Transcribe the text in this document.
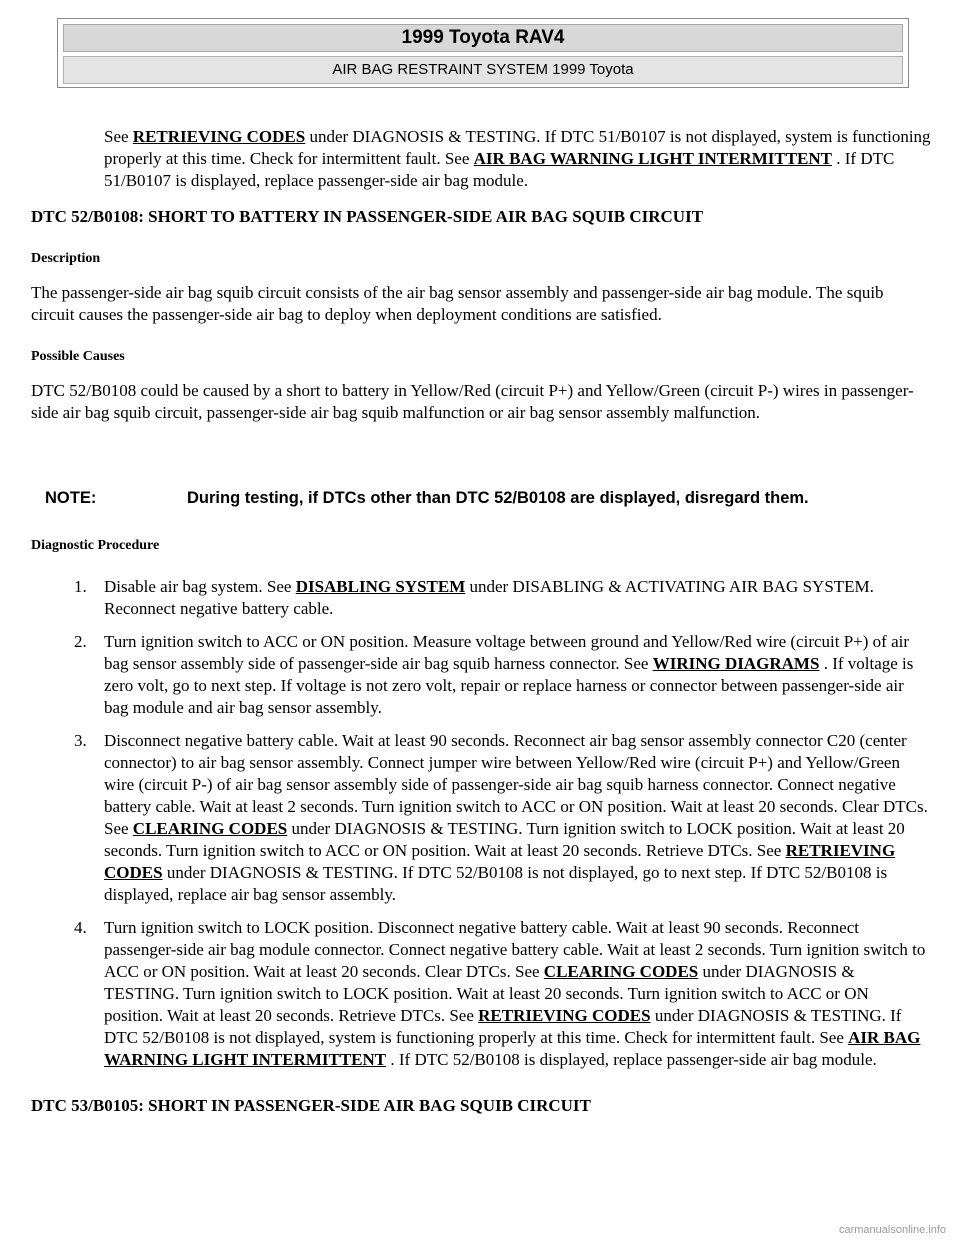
1999 Toyota RAV4
AIR BAG RESTRAINT SYSTEM 1999 Toyota

See RETRIEVING CODES under DIAGNOSIS & TESTING. If DTC 51/B0107 is not displayed, system is functioning properly at this time. Check for intermittent fault. See AIR BAG WARNING LIGHT INTERMITTENT . If DTC 51/B0107 is displayed, replace passenger-side air bag module.

DTC 52/B0108: SHORT TO BATTERY IN PASSENGER-SIDE AIR BAG SQUIB CIRCUIT

Description

The passenger-side air bag squib circuit consists of the air bag sensor assembly and passenger-side air bag module. The squib circuit causes the passenger-side air bag to deploy when deployment conditions are satisfied.

Possible Causes

DTC 52/B0108 could be caused by a short to battery in Yellow/Red (circuit P+) and Yellow/Green (circuit P-) wires in passenger-side air bag squib circuit, passenger-side air bag squib malfunction or air bag sensor assembly malfunction.

NOTE:	During testing, if DTCs other than DTC 52/B0108 are displayed, disregard them.

Diagnostic Procedure

1. Disable air bag system. See DISABLING SYSTEM under DISABLING & ACTIVATING AIR BAG SYSTEM. Reconnect negative battery cable.
2. Turn ignition switch to ACC or ON position. Measure voltage between ground and Yellow/Red wire (circuit P+) of air bag sensor assembly side of passenger-side air bag squib harness connector. See WIRING DIAGRAMS . If voltage is zero volt, go to next step. If voltage is not zero volt, repair or replace harness or connector between passenger-side air bag module and air bag sensor assembly.
3. Disconnect negative battery cable. Wait at least 90 seconds. Reconnect air bag sensor assembly connector C20 (center connector) to air bag sensor assembly. Connect jumper wire between Yellow/Red wire (circuit P+) and Yellow/Green wire (circuit P-) of air bag sensor assembly side of passenger-side air bag squib harness connector. Connect negative battery cable. Wait at least 2 seconds. Turn ignition switch to ACC or ON position. Wait at least 20 seconds. Clear DTCs. See CLEARING CODES under DIAGNOSIS & TESTING. Turn ignition switch to LOCK position. Wait at least 20 seconds. Turn ignition switch to ACC or ON position. Wait at least 20 seconds. Retrieve DTCs. See RETRIEVING CODES under DIAGNOSIS & TESTING. If DTC 52/B0108 is not displayed, go to next step. If DTC 52/B0108 is displayed, replace air bag sensor assembly.
4. Turn ignition switch to LOCK position. Disconnect negative battery cable. Wait at least 90 seconds. Reconnect passenger-side air bag module connector. Connect negative battery cable. Wait at least 2 seconds. Turn ignition switch to ACC or ON position. Wait at least 20 seconds. Clear DTCs. See CLEARING CODES under DIAGNOSIS & TESTING. Turn ignition switch to LOCK position. Wait at least 20 seconds. Turn ignition switch to ACC or ON position. Wait at least 20 seconds. Retrieve DTCs. See RETRIEVING CODES under DIAGNOSIS & TESTING. If DTC 52/B0108 is not displayed, system is functioning properly at this time. Check for intermittent fault. See AIR BAG WARNING LIGHT INTERMITTENT . If DTC 52/B0108 is displayed, replace passenger-side air bag module.

DTC 53/B0105: SHORT IN PASSENGER-SIDE AIR BAG SQUIB CIRCUIT

carmanualsonline.info
